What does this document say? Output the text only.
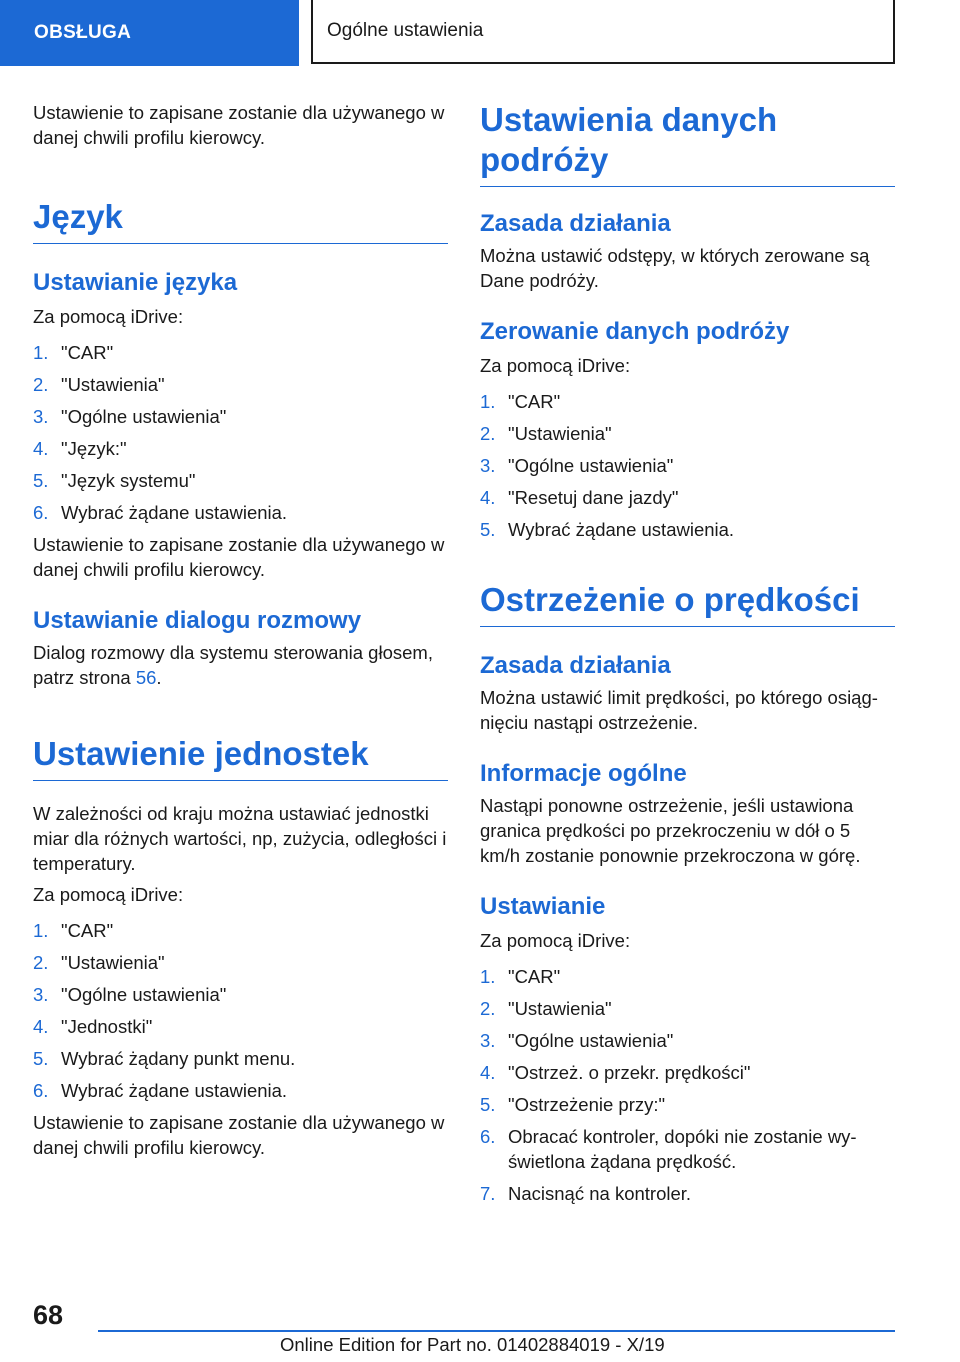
OBSŁUGA	Ogólne ustawienia

Ustawienie to zapisane zostanie dla używanego w danej chwili profilu kierowcy.

Język
Ustawianie języka

Za pomocą iDrive:

1. "CAR"
2. "Ustawienia"
3. "Ogólne ustawienia"
4. "Język:"
5. "Język systemu"
6. Wybrać żądane ustawienia.

Ustawienie to zapisane zostanie dla używanego w danej chwili profilu kierowcy.

Ustawianie dialogu rozmowy

Dialog rozmowy dla systemu sterowania głosem, patrz strona 56.

Ustawienie jednostek

W zależności od kraju można ustawiać jednostki miar dla różnych wartości, np, zużycia, odległości i temperatury.

Za pomocą iDrive:

1. "CAR"
2. "Ustawienia"
3. "Ogólne ustawienia"
4. "Jednostki"
5. Wybrać żądany punkt menu.
6. Wybrać żądane ustawienia.

Ustawienie to zapisane zostanie dla używanego w danej chwili profilu kierowcy.

Ustawienia danych podróży
Zasada działania

Można ustawić odstępy, w których zerowane są Dane podróży.

Zerowanie danych podróży

Za pomocą iDrive:

1. "CAR"
2. "Ustawienia"
3. "Ogólne ustawienia"
4. "Resetuj dane jazdy"
5. Wybrać żądane ustawienia.
Ostrzeżenie o prędkości
Zasada działania

Można ustawić limit prędkości, po którego osiąg-nięciu nastąpi ostrzeżenie.

Informacje ogólne

Nastąpi ponowne ostrzeżenie, jeśli ustawiona granica prędkości po przekroczeniu w dół o 5 km/h zostanie ponownie przekroczona w górę.

Ustawianie

Za pomocą iDrive:

1. "CAR"
2. "Ustawienia"
3. "Ogólne ustawienia"
4. "Ostrzeż. o przekr. prędkości"
5. "Ostrzeżenie przy:"
6. Obracać kontroler, dopóki nie zostanie wy-świetlona żądana prędkość.
7. Nacisnąć na kontroler.
68
Online Edition for Part no. 01402884019 - X/19
